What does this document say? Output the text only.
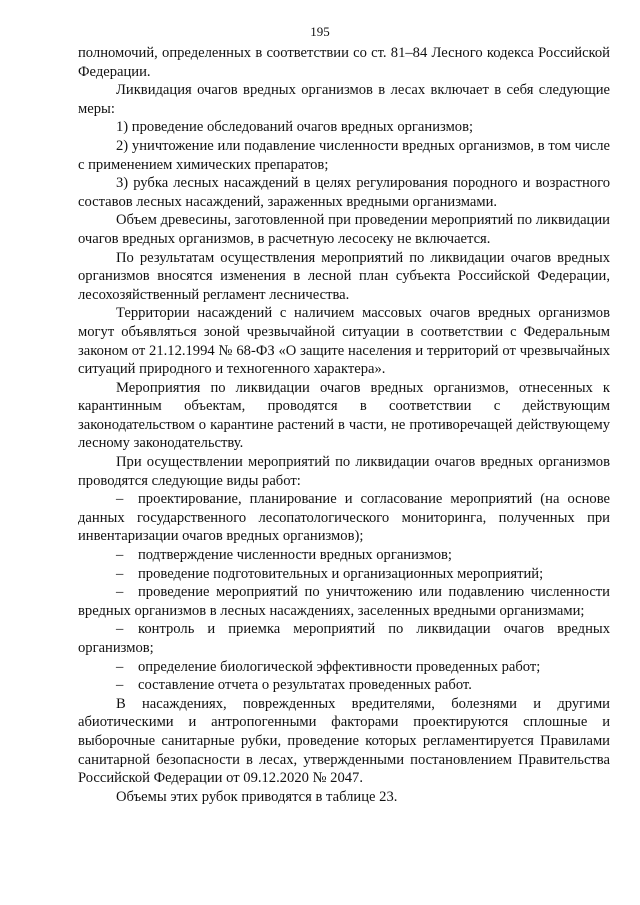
195

полномочий, определенных в соответствии со ст. 81–84 Лесного кодекса Российской Федерации.

Ликвидация очагов вредных организмов в лесах включает в себя следующие меры:

1) проведение обследований очагов вредных организмов;

2) уничтожение или подавление численности вредных организмов, в том числе с применением химических препаратов;

3) рубка лесных насаждений в целях регулирования породного и возрастного составов лесных насаждений, зараженных вредными организмами.

Объем древесины, заготовленной при проведении мероприятий по ликвидации очагов вредных организмов, в расчетную лесосеку не включается.

По результатам осуществления мероприятий по ликвидации очагов вредных организмов вносятся изменения в лесной план субъекта Российской Федерации, лесохозяйственный регламент лесничества.

Территории насаждений с наличием массовых очагов вредных организмов могут объявляться зоной чрезвычайной ситуации в соответствии с Федеральным законом от 21.12.1994 № 68-ФЗ «О защите населения и территорий от чрезвычайных ситуаций природного и техногенного характера».

Мероприятия по ликвидации очагов вредных организмов, отнесенных к карантинным объектам, проводятся в соответствии с действующим законодательством о карантине растений в части, не противоречащей действующему лесному законодательству.

При осуществлении мероприятий по ликвидации очагов вредных организмов проводятся следующие виды работ:

– проектирование, планирование и согласование мероприятий (на основе данных государственного лесопатологического мониторинга, полученных при инвентаризации очагов вредных организмов);

– подтверждение численности вредных организмов;

– проведение подготовительных и организационных мероприятий;

– проведение мероприятий по уничтожению или подавлению численности вредных организмов в лесных насаждениях, заселенных вредными организмами;

– контроль и приемка мероприятий по ликвидации очагов вредных организмов;

– определение биологической эффективности проведенных работ;

– составление отчета о результатах проведенных работ.

В насаждениях, поврежденных вредителями, болезнями и другими абиотическими и антропогенными факторами проектируются сплошные и выборочные санитарные рубки, проведение которых регламентируется Правилами санитарной безопасности в лесах, утвержденными постановлением Правительства Российской Федерации от 09.12.2020 № 2047.

Объемы этих рубок приводятся в таблице 23.
